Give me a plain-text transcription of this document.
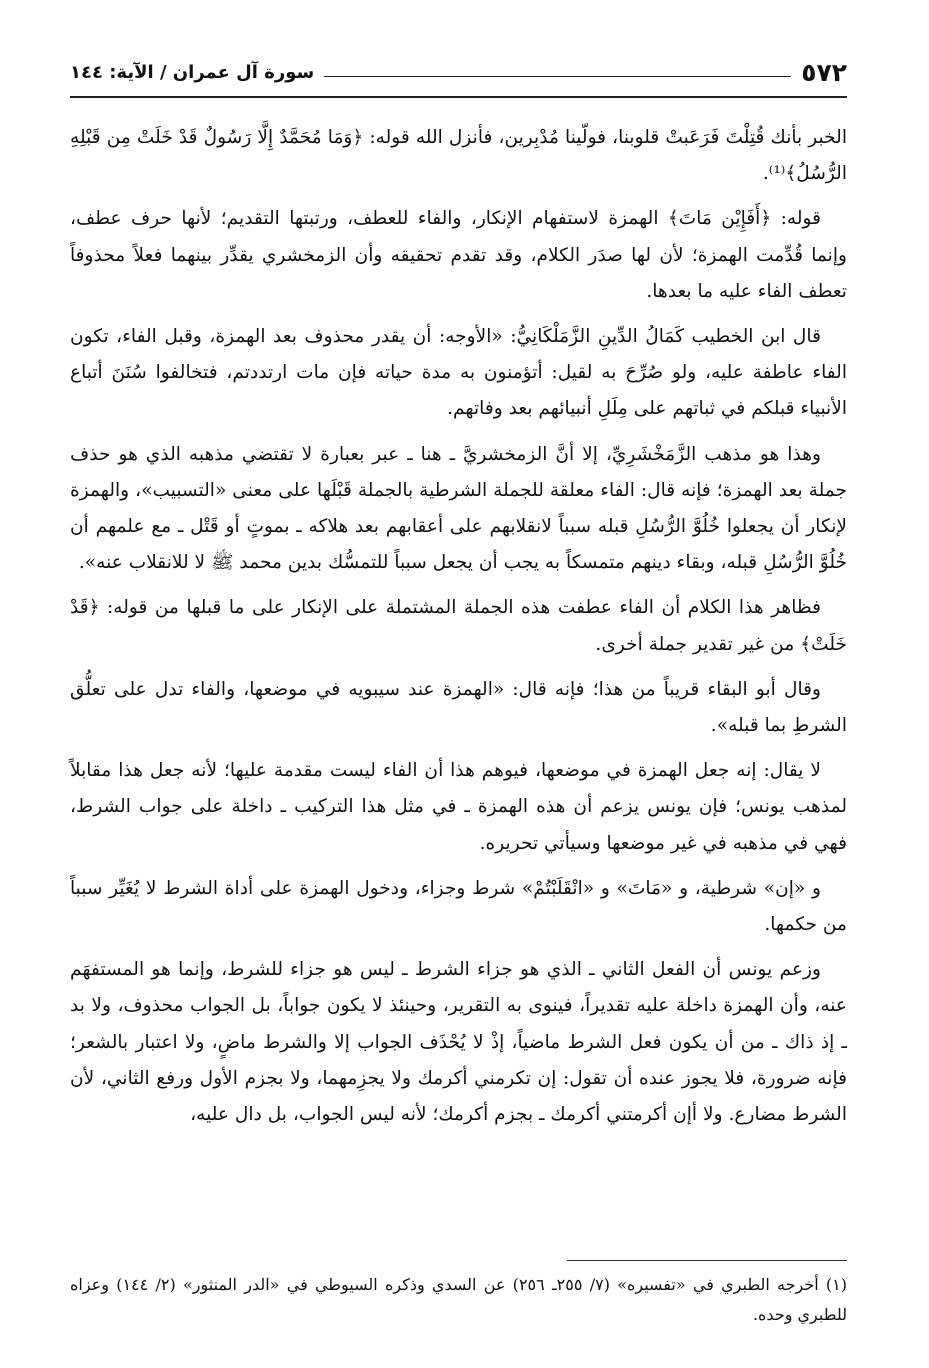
٥٧٢
سورة آل عمران / الآية: ١٤٤

الخبر بأنك قُتِلْتَ فَرَعَبتْ قلوبنا، فولّينا مُدْبِرين، فأنزل الله قوله: ﴿وَمَا مُحَمَّدٌ إِلَّا رَسُولٌ قَدْ خَلَتْ مِن قَبْلِهِ الرُّسُلُ﴾⁽¹⁾.

قوله: ﴿أَفَإِيْن مَاتَ﴾ الهمزة لاستفهام الإنكار، والفاء للعطف، ورتبتها التقديم؛ لأنها حرف عطف، وإنما قُدِّمت الهمزة؛ لأن لها صدَر الكلام، وقد تقدم تحقيقه وأن الزمخشري يقدِّر بينهما فعلاً محذوفاً تعطف الفاء عليه ما بعدها.

قال ابن الخطيب كَمَالُ الدِّينِ الزَّمَلْكَانِيُّ: «الأوجه: أن يقدر محذوف بعد الهمزة، وقبل الفاء، تكون الفاء عاطفة عليه، ولو صُرِّحَ به لقيل: أتؤمنون به مدة حياته فإن مات ارتددتم، فتخالفوا سُنَنَ أتباع الأنبياء قبلكم في ثباتهم على مِلَلِ أنبيائهم بعد وفاتهم.

وهذا هو مذهب الزَّمَخْشَرِيِّ، إلا أنَّ الزمخشريَّ ـ هنا ـ عبر بعبارة لا تقتضي مذهبه الذي هو حذف جملة بعد الهمزة؛ فإنه قال: الفاء معلقة للجملة الشرطية بالجملة قَبْلَها على معنى «التسبيب»، والهمزة لإنكار أن يجعلوا خُلُوَّ الرُّسُلِ قبله سبباً لانقلابهم على أعقابهم بعد هلاكه ـ بموتٍ أو قَتْل ـ مع علمهم أن خُلُوَّ الرُّسُلِ قبله، وبقاء دينهم متمسكاً به يجب أن يجعل سبباً للتمسُّك بدين محمد ﷺ لا للانقلاب عنه».

فظاهر هذا الكلام أن الفاء عطفت هذه الجملة المشتملة على الإنكار على ما قبلها من قوله: ﴿قَدْ خَلَتْ﴾ من غير تقدير جملة أخرى.

وقال أبو البقاء قريباً من هذا؛ فإنه قال: «الهمزة عند سيبويه في موضعها، والفاء تدل على تعلُّق الشرطِ بما قبله».

لا يقال: إنه جعل الهمزة في موضعها، فيوهم هذا أن الفاء ليست مقدمة عليها؛ لأنه جعل هذا مقابلاً لمذهب يونس؛ فإن يونس يزعم أن هذه الهمزة ـ في مثل هذا التركيب ـ داخلة على جواب الشرط، فهي في مذهبه في غير موضعها وسيأتي تحريره.

و «إن» شرطية، و «مَاتَ» و «انْقَلَبْتُمْ» شرط وجزاء، ودخول الهمزة على أداة الشرط لا يُغَيِّر سبباً من حكمها.

وزعم يونس أن الفعل الثاني ـ الذي هو جزاء الشرط ـ ليس هو جزاء للشرط، وإنما هو المستفهَم عنه، وأن الهمزة داخلة عليه تقديراً، فينوى به التقرير، وحينئذ لا يكون جواباً، بل الجواب محذوف، ولا بد ـ إذ ذاك ـ من أن يكون فعل الشرط ماضياً، إذْ لا يُحْذَف الجواب إلا والشرط ماضٍ، ولا اعتبار بالشعر؛ فإنه ضرورة، فلا يجوز عنده أن تقول: إن تكرمني أكرمك ولا يجزِمهما، ولا بجزم الأول ورفع الثاني، لأن الشرط مضارع. ولا أإن أكرمتني أكرمك ـ بجزم أكرمك؛ لأنه ليس الجواب، بل دال عليه،

(١) أخرجه الطبري في «تفسيره» (٧/ ٢٥٥ـ ٢٥٦) عن السدي وذكره السيوطي في «الدر المنثور» (٢/ ١٤٤) وعزاه للطبري وحده.
